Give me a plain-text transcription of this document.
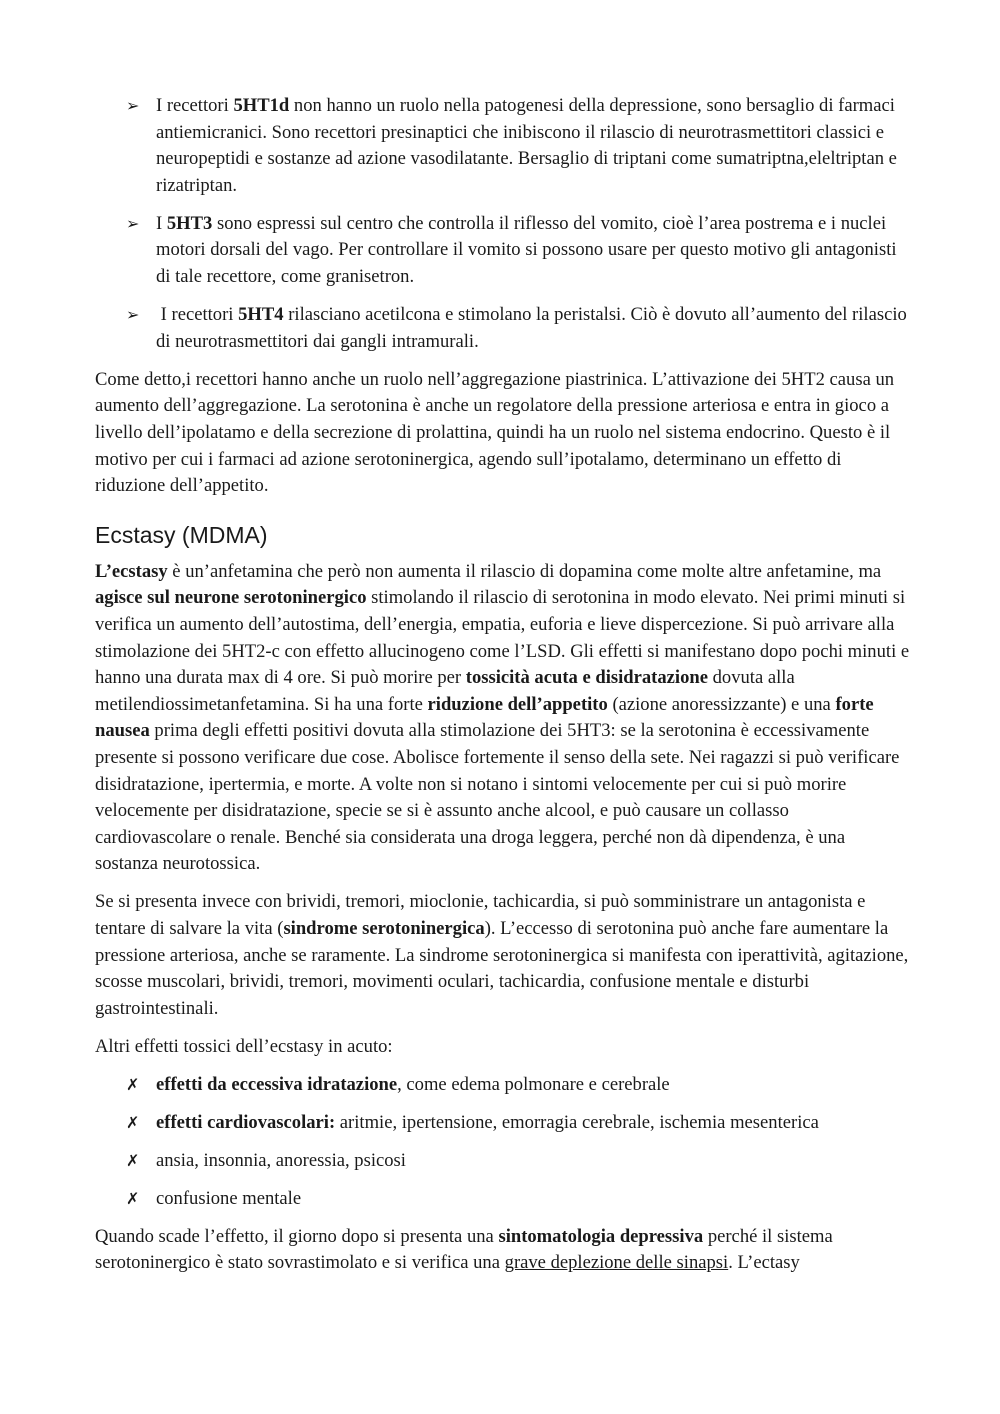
➢ I recettori 5HT1d non hanno un ruolo nella patogenesi della depressione, sono bersaglio di farmaci antiemicranici. Sono recettori presinaptici che inibiscono il rilascio di neurotrasmettitori classici e neuropeptidi e sostanze ad azione vasodilatante. Bersaglio di triptani come sumatriptna,eleltriptan e rizatriptan.
➢ I 5HT3 sono espressi sul centro che controlla il riflesso del vomito, cioè l’area postrema e i nuclei motori dorsali del vago. Per controllare il vomito si possono usare per questo motivo gli antagonisti di tale recettore, come granisetron.
➢ I recettori 5HT4 rilasciano acetilcona e stimolano la peristalsi. Ciò è dovuto all’aumento del rilascio di neurotrasmettitori dai gangli intramurali.

Come detto,i recettori hanno anche un ruolo nell’aggregazione piastrinica. L’attivazione dei 5HT2 causa un aumento dell’aggregazione. La serotonina è anche un regolatore della pressione arteriosa e entra in gioco a livello dell’ipolatamo e della secrezione di prolattina, quindi ha un ruolo nel sistema endocrino. Questo è il motivo per cui i farmaci ad azione serotoninergica, agendo sull’ipotalamo, determinano un effetto di riduzione dell’appetito.

Ecstasy (MDMA)

L’ecstasy è un’anfetamina che però non aumenta il rilascio di dopamina come molte altre anfetamine, ma agisce sul neurone serotoninergico stimolando il rilascio di serotonina in modo elevato. Nei primi minuti si verifica un aumento dell’autostima, dell’energia, empatia, euforia e lieve dispercezione. Si può arrivare alla stimolazione dei 5HT2-c con effetto allucinogeno come l’LSD. Gli effetti si manifestano dopo pochi minuti e hanno una durata max di 4 ore. Si può morire per tossicità acuta e disidratazione dovuta alla metilendiossimetanfetamina. Si ha una forte riduzione dell’appetito (azione anoressizzante) e una forte nausea prima degli effetti positivi dovuta alla stimolazione dei 5HT3: se la serotonina è eccessivamente presente si possono verificare due cose. Abolisce fortemente il senso della sete. Nei ragazzi si può verificare disidratazione, ipertermia, e morte. A volte non si notano i sintomi velocemente per cui si può morire velocemente per disidratazione, specie se si è assunto anche alcool, e può causare un collasso cardiovascolare o renale. Benché sia considerata una droga leggera, perché non dà dipendenza, è una sostanza neurotossica.

Se si presenta invece con brividi, tremori, mioclonie, tachicardia, si può somministrare un antagonista e tentare di salvare la vita (sindrome serotoninergica). L’eccesso di serotonina può anche fare aumentare la pressione arteriosa, anche se raramente. La sindrome serotoninergica si manifesta con iperattività, agitazione, scosse muscolari, brividi, tremori, movimenti oculari, tachicardia, confusione mentale e disturbi gastrointestinali.

Altri effetti tossici dell’ecstasy in acuto:

✗ effetti da eccessiva idratazione, come edema polmonare e cerebrale
✗ effetti cardiovascolari: aritmie, ipertensione, emorragia cerebrale, ischemia mesenterica
✗ ansia, insonnia, anoressia, psicosi
✗ confusione mentale

Quando scade l’effetto, il giorno dopo si presenta una sintomatologia depressiva perché il sistema serotoninergico è stato sovrastimolato e si verifica una grave deplezione delle sinapsi. L’ectasy
